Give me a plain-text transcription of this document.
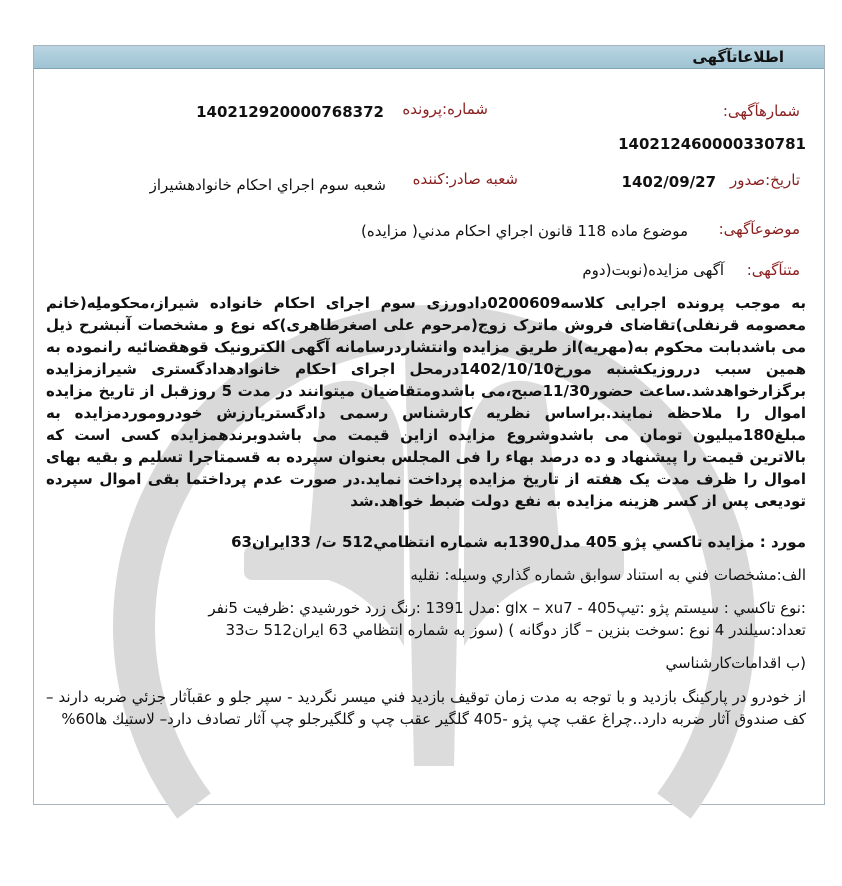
اطلاعاتآگهی
شمارهآگهی:
شماره:پرونده
140212920000768372
140212460000330781
تاریخ:صدور
1402/09/27
شعبه صادر:کننده
شعبه سوم اجراي احكام خانوادهشيراز
موضوعآگهی:
موضوع ماده 118 قانون اجراي احكام مدني( مزايده)
متنآگهی:
آگهی مزایده(نوبت(دوم
به موجب پرونده اجرایی کلاسه0200609دادورزی سوم اجرای احکام خانواده شیراز،محکوملِه(خانم معصومه قرنفلی)تقاضای فروش ماترک زوج(مرحوم علی اصغرطاهری)که نوع و مشخصات آنبشرح ذیل می باشدبابت محکوم به(مهریه)از طریق مزایده وانتشاردرسامانه آگهی الکترونیک قوهقضائیه رانموده به همین سبب درروزیکشنبه مورخ1402/10/10درمحل اجرای احکام خانوادهدادگستری شیرازمزایده برگزارخواهدشد.ساعت حضور11/30صبح،می باشدومتقاضیان میتوانند در مدت 5 روزقبل از تاریخ مزایده اموال را ملاحظه نمایند.براساس نظریه کارشناس رسمی دادگستریارزش خودروموردمزایده به مبلغ180میلیون تومان می باشدوشروع مزایده ازاین قیمت می باشدوبرندهمزایده کسی است که بالاترین قیمت را پیشنهاد و ده درصد بهاء را فی المجلس بعنوان سپرده به قسمتاجرا تسلیم و بقیه بهای اموال را ظرف مدت یک هفته از تاریخ مزایده پرداخت نماید.در صورت عدم پرداختما بقی اموال سپرده تودیعی پس از کسر هزینه مزایده به نفع دولت ضبط خواهد.شد
مورد : مزايده تاكسي پژو 405 مدل1390به شماره انتظامي512 ت/ 33ايران63
الف:مشخصات فني به استناد سوابق شماره گذاري وسيله: نقليه
:نوع تاكسي : سيستم پژو :تيپ405 - glx – xu7 :مدل 1391 :رنگ زرد خورشيدي :ظرفيت 5نفر
تعداد:سيلندر 4 نوع :سوخت بنزين – گاز دوگانه ) (سوز به شماره انتظامي 63 ايران512 ت33
(ب اقدامات‌كارشناسي
از خودرو در پاركينگ بازديد و با توجه به مدت زمان توقيف بازديد فني ميسر نگرديد - سپر جلو و عقبآثار جزئي ضربه دارند – كف صندوق آثار ضربه دارد..چراغ عقب چپ پژو -405 گلگير عقب چپ و گلگيرجلو چپ آثار تصادف دارد– لاستيك ها60%
